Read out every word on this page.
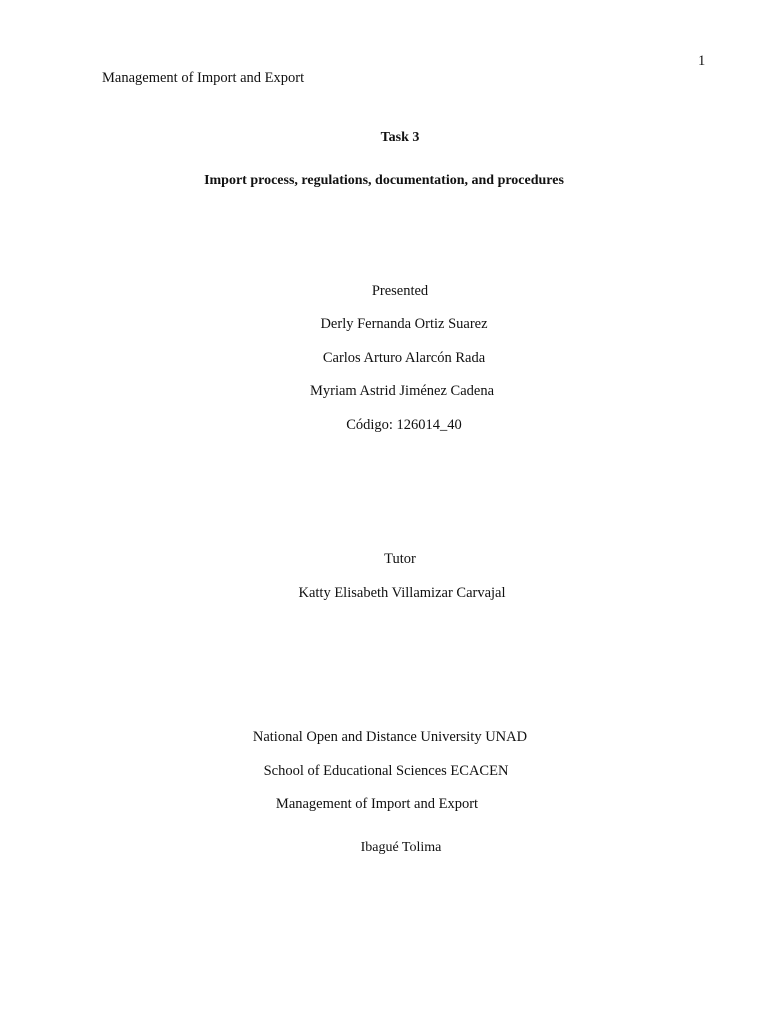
1
Management of Import and Export
Task 3
Import process, regulations, documentation, and procedures
Presented
Derly Fernanda Ortiz Suarez
Carlos Arturo Alarcón Rada
Myriam Astrid Jiménez Cadena
Código: 126014_40
Tutor
Katty Elisabeth Villamizar Carvajal
National Open and Distance University UNAD
School of Educational Sciences ECACEN
Management of Import and Export
Ibagué Tolima
